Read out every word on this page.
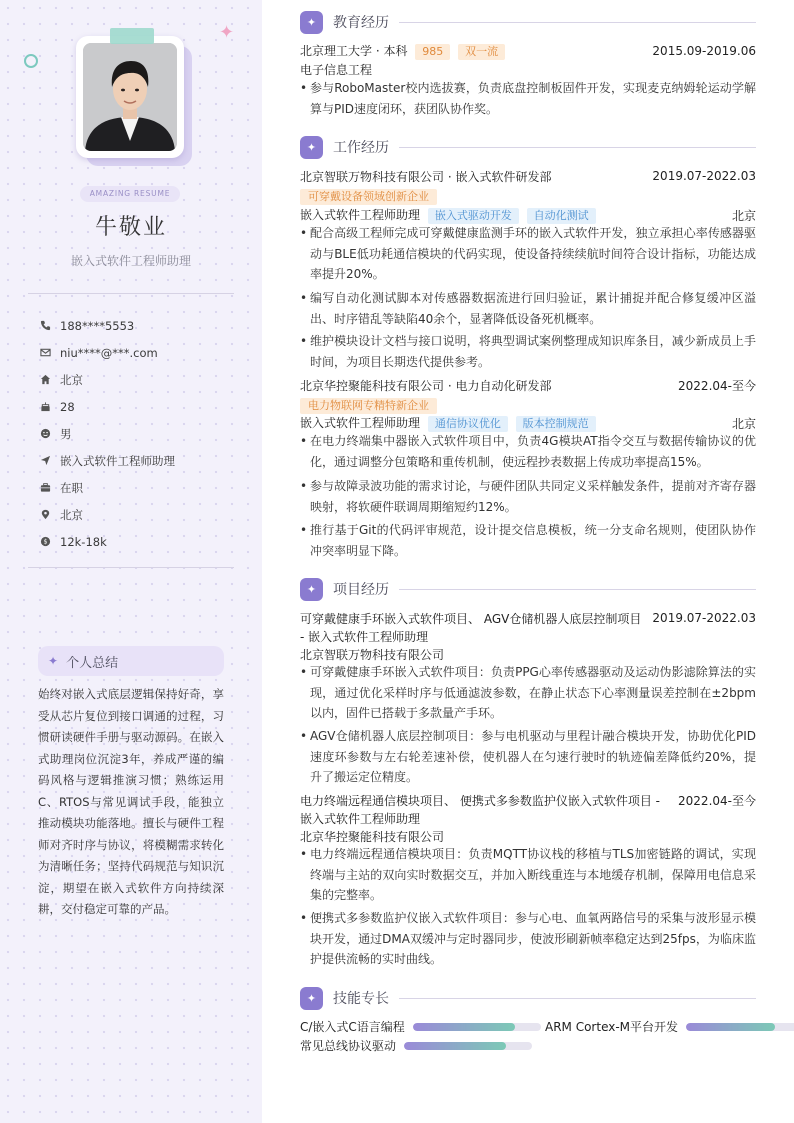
✦
AMAZING RESUME
牛敬业
嵌入式软件工程师助理
188****5553
niu****@***.com
北京
28
男
嵌入式软件工程师助理
在职
北京
$ 12k-18k
✦ 个人总结
始终对嵌入式底层逻辑保持好奇，享受从芯片复位到接口调通的过程，习惯研读硬件手册与驱动源码。在嵌入式助理岗位沉淀3年，养成严谨的编码风格与逻辑推演习惯；熟练运用C、RTOS与常见调试手段，能独立推动模块功能落地。擅长与硬件工程师对齐时序与协议，将模糊需求转化为清晰任务；坚持代码规范与知识沉淀，期望在嵌入式软件方向持续深耕，交付稳定可靠的产品。
✦	教育经历
北京理工大学 · 本科 985 双一流	2015.09-2019.06
电子信息工程
• 参与RoboMaster校内选拔赛，负责底盘控制板固件开发，实现麦克纳姆轮运动学解算与PID速度闭环，获团队协作奖。
✦	工作经历
北京智联万物科技有限公司 · 嵌入式软件研发部	2019.07-2022.03
可穿戴设备领域创新企业
嵌入式软件工程师助理 嵌入式驱动开发 自动化测试	北京
• 配合高级工程师完成可穿戴健康监测手环的嵌入式软件开发，独立承担心率传感器驱动与BLE低功耗通信模块的代码实现，使设备持续续航时间符合设计指标，功能达成率提升20%。
• 编写自动化测试脚本对传感器数据流进行回归验证，累计捕捉并配合修复缓冲区溢出、时序错乱等缺陷40余个，显著降低设备死机概率。
• 维护模块设计文档与接口说明，将典型调试案例整理成知识库条目，减少新成员上手时间，为项目长期迭代提供参考。
北京华控聚能科技有限公司 · 电力自动化研发部	2022.04-至今
电力物联网专精特新企业
嵌入式软件工程师助理 通信协议优化 版本控制规范	北京
• 在电力终端集中器嵌入式软件项目中，负责4G模块AT指令交互与数据传输协议的优化，通过调整分包策略和重传机制，使远程抄表数据上传成功率提高15%。
• 参与故障录波功能的需求讨论，与硬件团队共同定义采样触发条件，提前对齐寄存器映射，将软硬件联调周期缩短约12%。
• 推行基于Git的代码评审规范，设计提交信息模板，统一分支命名规则，使团队协作冲突率明显下降。
✦	项目经历
可穿戴健康手环嵌入式软件项目、 AGV仓储机器人底层控制项目 2019.07-2022.03
- 嵌入式软件工程师助理
北京智联万物科技有限公司
• 可穿戴健康手环嵌入式软件项目：负责PPG心率传感器驱动及运动伪影滤除算法的实现，通过优化采样时序与低通滤波参数，在静止状态下心率测量误差控制在±2bpm以内，固件已搭载于多款量产手环。
• AGV仓储机器人底层控制项目：参与电机驱动与里程计融合模块开发，协助优化PID速度环参数与左右轮差速补偿，使机器人在匀速行驶时的轨迹偏差降低约20%，提升了搬运定位精度。
电力终端远程通信模块项目、 便携式多参数监护仪嵌入式软件项目 - 2022.04-至今
嵌入式软件工程师助理
北京华控聚能科技有限公司
• 电力终端远程通信模块项目：负责MQTT协议栈的移植与TLS加密链路的调试，实现终端与主站的双向实时数据交互，并加入断线重连与本地缓存机制，保障用电信息采集的完整率。
• 便携式多参数监护仪嵌入式软件项目：参与心电、血氧两路信号的采集与波形显示模块开发，通过DMA双缓冲与定时器同步，使波形刷新帧率稳定达到25fps，为临床监护提供流畅的实时曲线。
✦	技能专长
C/嵌入式C语言编程	ARM Cortex-M平台开发
常见总线协议驱动
